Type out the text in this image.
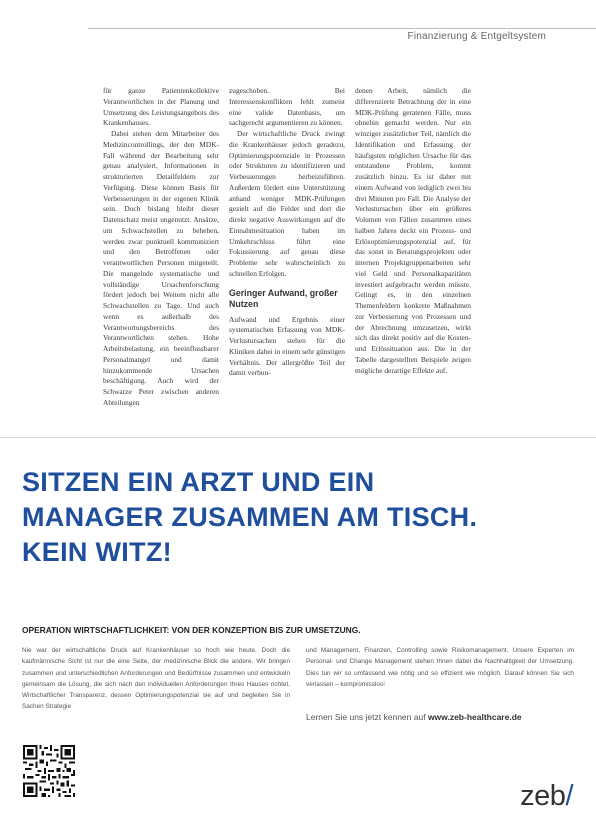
Finanzierung & Entgeltsystem

für ganze Patientenkollektive Verantwortlichen in der Planung und Umsetzung des Leistungsangebots des Krankenhauses.

Dabei stehen dem Mitarbeiter des Medizincontrollings, der den MDK-Fall während der Bearbeitung sehr genau analysiert, Informationen in strukturierten Detailfeldern zur Verfügung. Diese können Basis für Verbesserungen in der eigenen Klinik sein. Doch bislang bleibt dieser Datenschatz meist ungenutzt. Ansätze, um Schwachstellen zu beheben, werden zwar punktuell kommuniziert und den Betroffenen oder verantwortlichen Personen mitgeteilt. Die mangelnde systematische und vollständige Ursachenforschung fördert jedoch bei Weitem nicht alle Schwachstellen zu Tage. Und auch wenn es außerhalb des Verantwortungsbereichs des Verantwortlichen stehen. Hohe Arbeitsbelastung, ein beeinflussbarer Personalmangel und damit hinzukommende Ursachen beschäftigung. Auch wird der Schwarze Peter zwischen anderen Abteilungen

zugeschoben. Bei Interessenskonflikten fehlt zumeist eine valide Datenbasis, um sachgerecht argumentieren zu können.

Der wirtschaftliche Druck zwingt die Krankenhäuser jedoch geradezu, Optimierungspotenziale in Prozessen oder Strukturen zu identifizieren und Verbesserungen herbeizuführen. Außerdem fördert eine Unterstützung anhand weniger MDK-Prüfungen gezielt auf die Felder und dort die direkt negative Auswirkungen auf die Einnahmesituation haben im Umkehrschluss führt eine Fokussierung auf genau diese Probleme sehr wahrscheinlich zu schnellen Erfolgen.

Geringer Aufwand, großer Nutzen

Aufwand und Ergebnis einer systematischen Erfassung von MDK-Verlustursachen stehen für die Kliniken dabei in einem sehr günstigen Verhältnis. Der allergrößte Teil der damit verbun-

denen Arbeit, nämlich die differenzierte Betrachtung der in eine MDK-Prüfung geratenen Fälle, muss ohnehin gemacht werden. Nur ein winziger zusätzlicher Teil, nämlich die Identifikation und Erfassung der häufigsten möglichen Ursache für das entstandene Problem, kommt zusätzlich hinzu. Es ist daher mit einem Aufwand von lediglich zwei bis drei Minuten pro Fall. Die Analyse der Verlustursachen über ein größeres Volumen von Fällen zusammen eines halben Jahres deckt ein Prozess- und Erlösoptimierungspotenzial auf, für das sonst in Beratungsprojekten oder internen Projektgruppenarbeiten sehr viel Geld und Personalkapazitäten investiert aufgebracht werden müsste. Gelingt es, in den einzelnen Themenfeldern konkrete Maßnahmen zur Verbesserung von Prozessen und der Abrechnung umzusetzen, wirkt sich das direkt positiv auf die Kosten- und Erlössituation aus. Die in der Tabelle dargestellten Beispiele zeigen mögliche derartige Effekte auf.

SITZEN EIN ARZT UND EIN
MANAGER ZUSAMMEN AM TISCH.
KEIN WITZ!
OPERATION WIRTSCHAFTLICHKEIT: VON DER KONZEPTION BIS ZUR UMSETZUNG.
Nie war der wirtschaftliche Druck auf Krankenhäuser so hoch wie heute. Doch die kaufmännische Sicht ist nur die eine Seite, der medizinische Blick die andere. Wir bringen zusammen und unterschiedlichen Anforderungen und Bedürfnisse zusammen und entwickeln gemeinsam die Lösung, die sich nach den individuellen Anforderungen Ihres Hauses richtet. Wirtschaftlicher Transparenz, dessen Optimierungspotenzial sie auf und begleiten Sie in Sachen Strategie
und Management, Finanzen, Controlling sowie Risikomanagement. Unsere Experten im Personal- und Change Management stehen Ihnen dabei die Nachhaltigkeit der Umsetzung. Dies tun wir so umfassend wie nötig und so effizient wie möglich. Darauf können Sie sich verlassen – kompromisslos!
Lernen Sie uns jetzt kennen auf www.zeb-healthcare.de
zeb/
